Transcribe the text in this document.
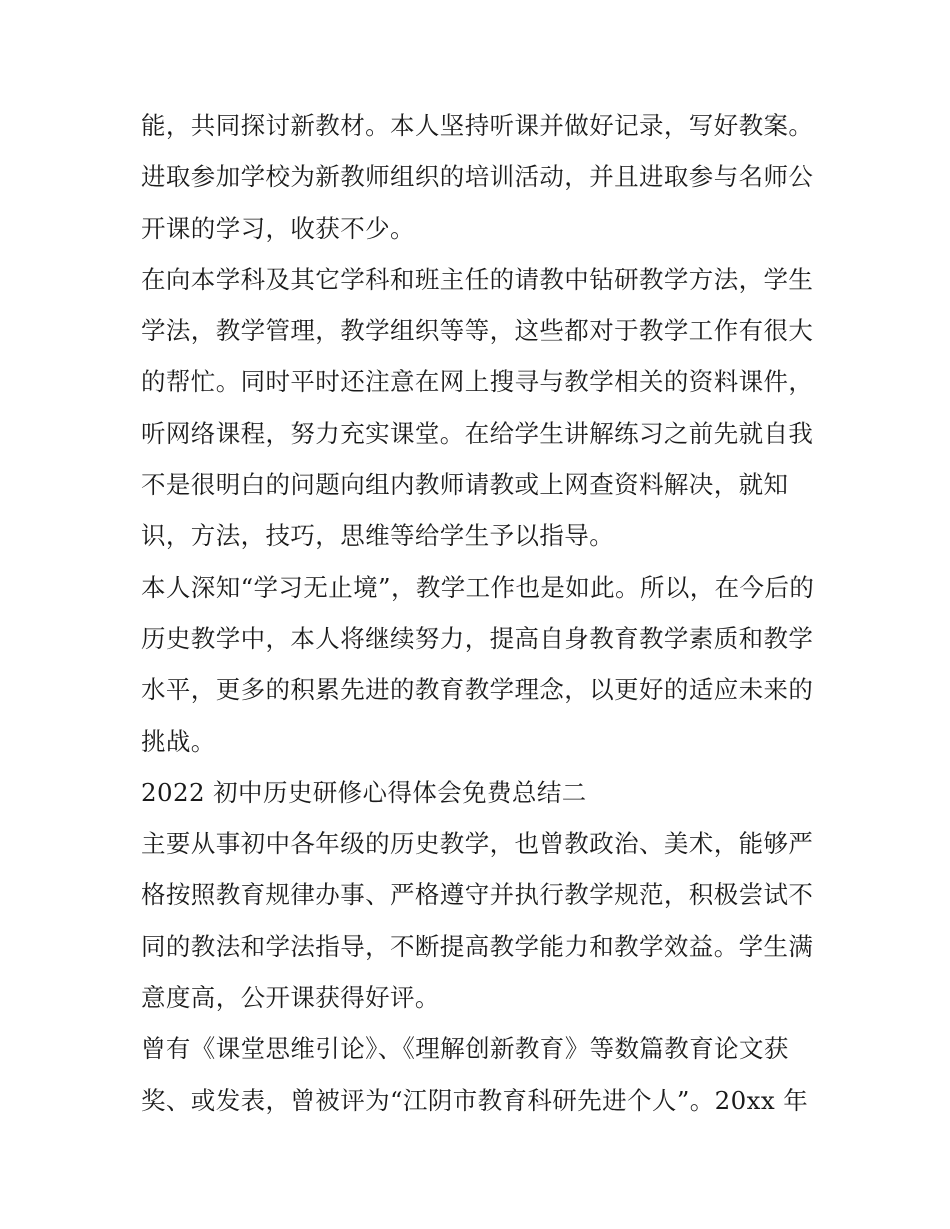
能，共同探讨新教材。本人坚持听课并做好记录，写好教案。
进取参加学校为新教师组织的培训活动，并且进取参与名师公
开课的学习，收获不少。
在向本学科及其它学科和班主任的请教中钻研教学方法，学生
学法，教学管理，教学组织等等，这些都对于教学工作有很大
的帮忙。同时平时还注意在网上搜寻与教学相关的资料课件，
听网络课程，努力充实课堂。在给学生讲解练习之前先就自我
不是很明白的问题向组内教师请教或上网查资料解决，就知
识，方法，技巧，思维等给学生予以指导。
本人深知“学习无止境”，教学工作也是如此。所以，在今后的
历史教学中，本人将继续努力，提高自身教育教学素质和教学
水平，更多的积累先进的教育教学理念，以更好的适应未来的
挑战。
2022 初中历史研修心得体会免费总结二
主要从事初中各年级的历史教学，也曾教政治、美术，能够严
格按照教育规律办事、严格遵守并执行教学规范，积极尝试不
同的教法和学法指导，不断提高教学能力和教学效益。学生满
意度高，公开课获得好评。
曾有《课堂思维引论》、《理解创新教育》等数篇教育论文获
奖、或发表，曾被评为“江阴市教育科研先进个人”。20xx 年
